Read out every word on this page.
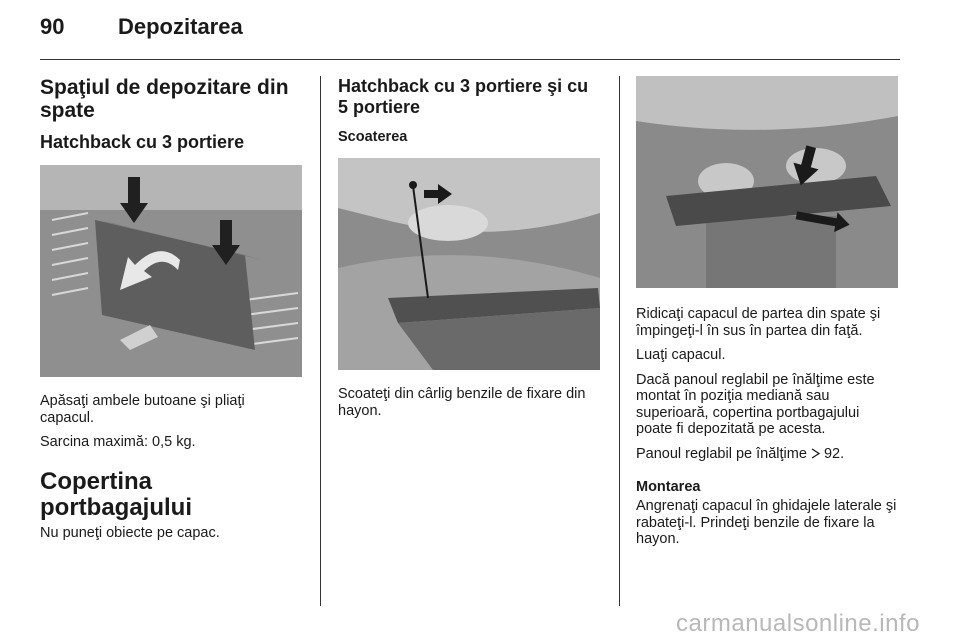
90 Depozitarea
Spaţiul de depozitare din spate
Hatchback cu 3 portiere

Apăsaţi ambele butoane şi pliaţi capacul.

Sarcina maximă: 0,5 kg.

Copertina portbagajului

Nu puneţi obiecte pe capac.

Hatchback cu 3 portiere şi cu 5 portiere
Scoaterea

Scoateţi din cârlig benzile de fixare din hayon.

Ridicaţi capacul de partea din spate şi împingeţi-l în sus în partea din faţă.

Luaţi capacul.

Dacă panoul reglabil pe înălţime este montat în poziţia mediană sau superioară, copertina portbagajului poate fi depozitată pe acesta.

Panoul reglabil pe înălţime 92.

Montarea

Angrenaţi capacul în ghidajele laterale şi rabateţi-l. Prindeţi benzile de fixare la hayon.

carmanualsonline.info
